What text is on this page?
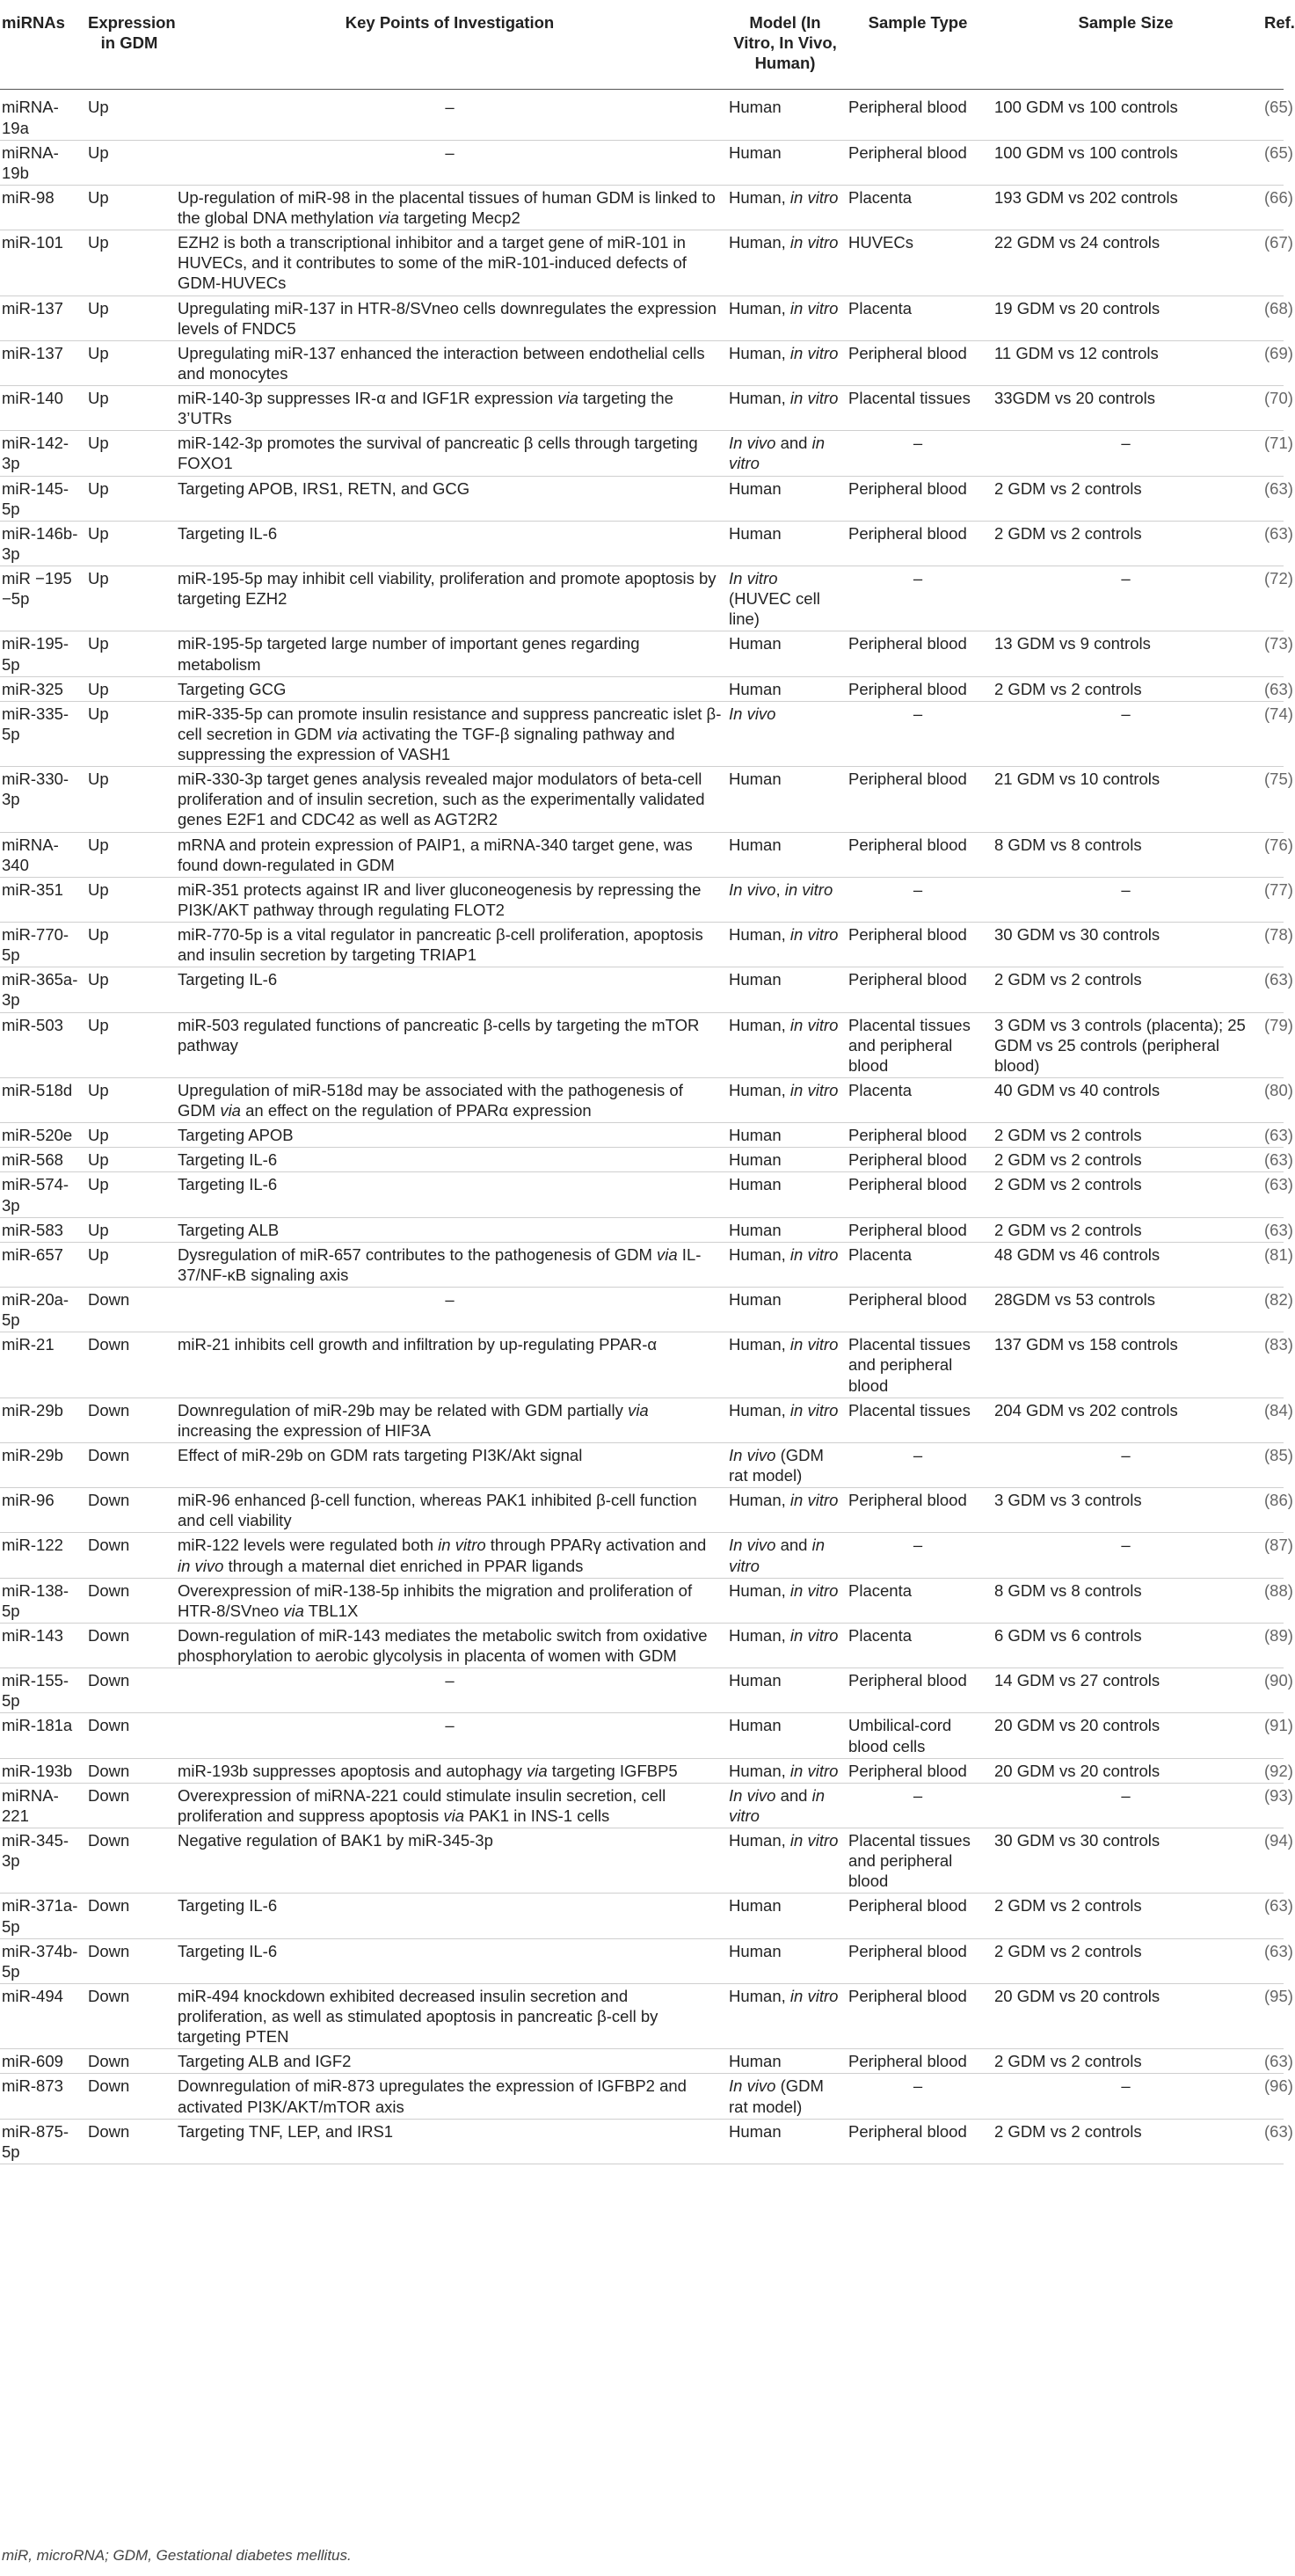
miRNAs	Expression in GDM	Key Points of Investigation	Model (In Vitro, In Vivo, Human)	Sample Type	Sample Size	Ref.
miRNA-19a	Up	–	Human	Peripheral blood	100 GDM vs 100 controls	(65)
miRNA-19b	Up	–	Human	Peripheral blood	100 GDM vs 100 controls	(65)
miR-98	Up	Up-regulation of miR-98 in the placental tissues of human GDM is linked to the global DNA methylation via targeting Mecp2	Human, in vitro	Placenta	193 GDM vs 202 controls	(66)
miR-101	Up	EZH2 is both a transcriptional inhibitor and a target gene of miR-101 in HUVECs, and it contributes to some of the miR-101-induced defects of GDM-HUVECs	Human, in vitro	HUVECs	22 GDM vs 24 controls	(67)
miR-137	Up	Upregulating miR-137 in HTR-8/SVneo cells downregulates the expression levels of FNDC5	Human, in vitro	Placenta	19 GDM vs 20 controls	(68)
miR-137	Up	Upregulating miR-137 enhanced the interaction between endothelial cells and monocytes	Human, in vitro	Peripheral blood	11 GDM vs 12 controls	(69)
miR-140	Up	miR-140-3p suppresses IR-α and IGF1R expression via targeting the 3’UTRs	Human, in vitro	Placental tissues	33GDM vs 20 controls	(70)
miR-142-3p	Up	miR-142-3p promotes the survival of pancreatic β cells through targeting FOXO1	In vivo and in vitro	–	–	(71)
miR-145-5p	Up	Targeting APOB, IRS1, RETN, and GCG	Human	Peripheral blood	2 GDM vs 2 controls	(63)
miR-146b-3p	Up	Targeting IL-6	Human	Peripheral blood	2 GDM vs 2 controls	(63)
miR −195 −5p	Up	miR-195-5p may inhibit cell viability, proliferation and promote apoptosis by targeting EZH2	In vitro (HUVEC cell line)	–	–	(72)
miR-195-5p	Up	miR-195-5p targeted large number of important genes regarding metabolism	Human	Peripheral blood	13 GDM vs 9 controls	(73)
miR-325	Up	Targeting GCG	Human	Peripheral blood	2 GDM vs 2 controls	(63)
miR-335-5p	Up	miR-335-5p can promote insulin resistance and suppress pancreatic islet β-cell secretion in GDM via activating the TGF-β signaling pathway and suppressing the expression of VASH1	In vivo	–	–	(74)
miR-330-3p	Up	miR-330-3p target genes analysis revealed major modulators of beta-cell proliferation and of insulin secretion, such as the experimentally validated genes E2F1 and CDC42 as well as AGT2R2	Human	Peripheral blood	21 GDM vs 10 controls	(75)
miRNA-340	Up	mRNA and protein expression of PAIP1, a miRNA-340 target gene, was found down-regulated in GDM	Human	Peripheral blood	8 GDM vs 8 controls	(76)
miR-351	Up	miR-351 protects against IR and liver gluconeogenesis by repressing the PI3K/AKT pathway through regulating FLOT2	In vivo, in vitro	–	–	(77)
miR-770-5p	Up	miR-770-5p is a vital regulator in pancreatic β-cell proliferation, apoptosis and insulin secretion by targeting TRIAP1	Human, in vitro	Peripheral blood	30 GDM vs 30 controls	(78)
miR-365a-3p	Up	Targeting IL-6	Human	Peripheral blood	2 GDM vs 2 controls	(63)
miR-503	Up	miR-503 regulated functions of pancreatic β-cells by targeting the mTOR pathway	Human, in vitro	Placental tissues and peripheral blood	3 GDM vs 3 controls (placenta); 25 GDM vs 25 controls (peripheral blood)	(79)
miR-518d	Up	Upregulation of miR-518d may be associated with the pathogenesis of GDM via an effect on the regulation of PPARα expression	Human, in vitro	Placenta	40 GDM vs 40 controls	(80)
miR-520e	Up	Targeting APOB	Human	Peripheral blood	2 GDM vs 2 controls	(63)
miR-568	Up	Targeting IL-6	Human	Peripheral blood	2 GDM vs 2 controls	(63)
miR-574-3p	Up	Targeting IL-6	Human	Peripheral blood	2 GDM vs 2 controls	(63)
miR-583	Up	Targeting ALB	Human	Peripheral blood	2 GDM vs 2 controls	(63)
miR-657	Up	Dysregulation of miR-657 contributes to the pathogenesis of GDM via IL-37/NF-κB signaling axis	Human, in vitro	Placenta	48 GDM vs 46 controls	(81)
miR-20a-5p	Down	–	Human	Peripheral blood	28GDM vs 53 controls	(82)
miR-21	Down	miR-21 inhibits cell growth and infiltration by up-regulating PPAR-α	Human, in vitro	Placental tissues and peripheral blood	137 GDM vs 158 controls	(83)
miR-29b	Down	Downregulation of miR-29b may be related with GDM partially via increasing the expression of HIF3A	Human, in vitro	Placental tissues	204 GDM vs 202 controls	(84)
miR-29b	Down	Effect of miR-29b on GDM rats targeting PI3K/Akt signal	In vivo (GDM rat model)	–	–	(85)
miR-96	Down	miR-96 enhanced β-cell function, whereas PAK1 inhibited β-cell function and cell viability	Human, in vitro	Peripheral blood	3 GDM vs 3 controls	(86)
miR-122	Down	miR-122 levels were regulated both in vitro through PPARγ activation and in vivo through a maternal diet enriched in PPAR ligands	In vivo and in vitro	–	–	(87)
miR-138-5p	Down	Overexpression of miR-138-5p inhibits the migration and proliferation of HTR-8/SVneo via TBL1X	Human, in vitro	Placenta	8 GDM vs 8 controls	(88)
miR-143	Down	Down-regulation of miR-143 mediates the metabolic switch from oxidative phosphorylation to aerobic glycolysis in placenta of women with GDM	Human, in vitro	Placenta	6 GDM vs 6 controls	(89)
miR-155-5p	Down	–	Human	Peripheral blood	14 GDM vs 27 controls	(90)
miR-181a	Down	–	Human	Umbilical-cord blood cells	20 GDM vs 20 controls	(91)
miR-193b	Down	miR-193b suppresses apoptosis and autophagy via targeting IGFBP5	Human, in vitro	Peripheral blood	20 GDM vs 20 controls	(92)
miRNA-221	Down	Overexpression of miRNA-221 could stimulate insulin secretion, cell proliferation and suppress apoptosis via PAK1 in INS-1 cells	In vivo and in vitro	–	–	(93)
miR-345-3p	Down	Negative regulation of BAK1 by miR-345-3p	Human, in vitro	Placental tissues and peripheral blood	30 GDM vs 30 controls	(94)
miR-371a-5p	Down	Targeting IL-6	Human	Peripheral blood	2 GDM vs 2 controls	(63)
miR-374b-5p	Down	Targeting IL-6	Human	Peripheral blood	2 GDM vs 2 controls	(63)
miR-494	Down	miR-494 knockdown exhibited decreased insulin secretion and proliferation, as well as stimulated apoptosis in pancreatic β-cell by targeting PTEN	Human, in vitro	Peripheral blood	20 GDM vs 20 controls	(95)
miR-609	Down	Targeting ALB and IGF2	Human	Peripheral blood	2 GDM vs 2 controls	(63)
miR-873	Down	Downregulation of miR-873 upregulates the expression of IGFBP2 and activated PI3K/AKT/mTOR axis	In vivo (GDM rat model)	–	–	(96)
miR-875-5p	Down	Targeting TNF, LEP, and IRS1	Human	Peripheral blood	2 GDM vs 2 controls	(63)
miR, microRNA; GDM, Gestational diabetes mellitus.
